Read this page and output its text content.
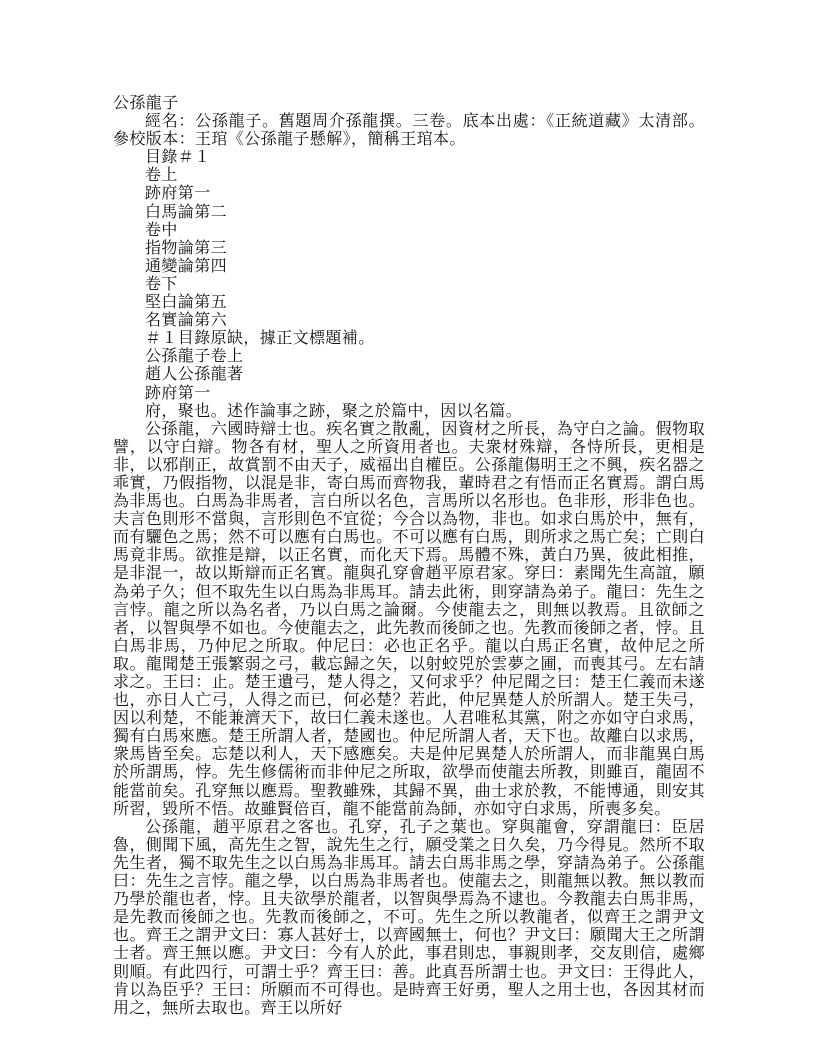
公孫龍子

經名：公孫龍子。舊題周介孫龍撰。三卷。底本出處：《正統道藏》太清部。參校版本：王琯《公孫龍子懸解》，簡稱王琯本。

目錄＃１

卷上

跡府第一

白馬論第二

卷中

指物論第三

通變論第四

卷下

堅白論第五

名實論第六

＃１目錄原缺，據正文標題補。

公孫龍子卷上

趙人公孫龍著

跡府第一

府，聚也。述作論事之跡，聚之於篇中，因以名篇。

公孫龍，六國時辯士也。疾名實之散亂，因資材之所長，為守白之論。假物取譬，以守白辯。物各有材，聖人之所資用者也。夫衆材殊辯，各恃所長，更相是非，以邪削正，故賞罰不由天子，威福出自權臣。公孫龍傷明王之不興，疾名器之乖實，乃假指物，以混是非，寄白馬而齊物我，輩時君之有悟而正名實焉。謂白馬為非馬也。白馬為非馬者，言白所以名色，言馬所以名形也。色非形，形非色也。夫言色則形不當與，言形則色不宜從；今合以為物，非也。如求白馬於中，無有，而有驪色之馬；然不可以應有白馬也。不可以應有白馬，則所求之馬亡矣；亡則白馬竟非馬。欲推是辯，以正名實，而化天下焉。馬體不殊，黃白乃異，彼此相推，是非混一，故以斯辯而正名實。龍與孔穿會趙平原君家。穿曰：素聞先生高誼，願為弟子久；但不取先生以白馬為非馬耳。請去此術，則穿請為弟子。龍曰：先生之言悖。龍之所以為名者，乃以白馬之論爾。今使龍去之，則無以教焉。且欲師之者，以智與學不如也。今使龍去之，此先教而後師之也。先教而後師之者，悖。且白馬非馬，乃仲尼之所取。仲尼曰：必也正名乎。龍以白馬正名實，故仲尼之所取。龍聞楚王張繁弱之弓，載忘歸之矢，以射蛟兕於雲夢之圃，而喪其弓。左右請求之。王曰：止。楚王遺弓，楚人得之，又何求乎？仲尼聞之曰：楚王仁義而未遂也，亦日人亡弓，人得之而已，何必楚？若此，仲尼異楚人於所謂人。楚王失弓，因以利楚，不能兼濟天下，故曰仁義未遂也。人君唯私其黨，附之亦如守白求馬，獨有白馬來應。楚王所謂人者，楚國也。仲尼所謂人者，天下也。故離白以求馬，衆馬皆至矣。忘楚以利人，天下感應矣。夫是仲尼異楚人於所謂人，而非龍異白馬於所謂馬，悖。先生修儒術而非仲尼之所取，欲學而使龍去所教，則雖百，龍固不能當前矣。孔穿無以應焉。聖教雖殊，其歸不異，曲士求於教，不能博通，則安其所習，毀所不悟。故雖賢倍百，龍不能當前為師，亦如守白求馬，所喪多矣。

公孫龍，趙平原君之客也。孔穿，孔子之葉也。穿與龍會，穿謂龍曰：臣居魯，側聞下風，高先生之智，說先生之行，願受業之日久矣，乃今得見。然所不取先生者，獨不取先生之以白馬為非馬耳。請去白馬非馬之學，穿請為弟子。公孫龍曰：先生之言悖。龍之學，以白馬為非馬者也。使龍去之，則龍無以教。無以教而乃學於龍也者，悖。且夫欲學於龍者，以智與學焉為不逮也。今教龍去白馬非馬，是先教而後師之也。先教而後師之，不可。先生之所以教龍者，似齊王之謂尹文也。齊王之謂尹文曰：寡人甚好士，以齊國無士，何也？尹文曰：願聞大王之所謂士者。齊王無以應。尹文曰：今有人於此，事君則忠，事親則孝，交友則信，處鄉則順。有此四行，可謂士乎？齊王曰：善。此真吾所謂士也。尹文曰：王得此人，肯以為臣乎？王曰：所願而不可得也。是時齊王好勇，聖人之用士也，各因其材而用之，無所去取也。齊王以所好
